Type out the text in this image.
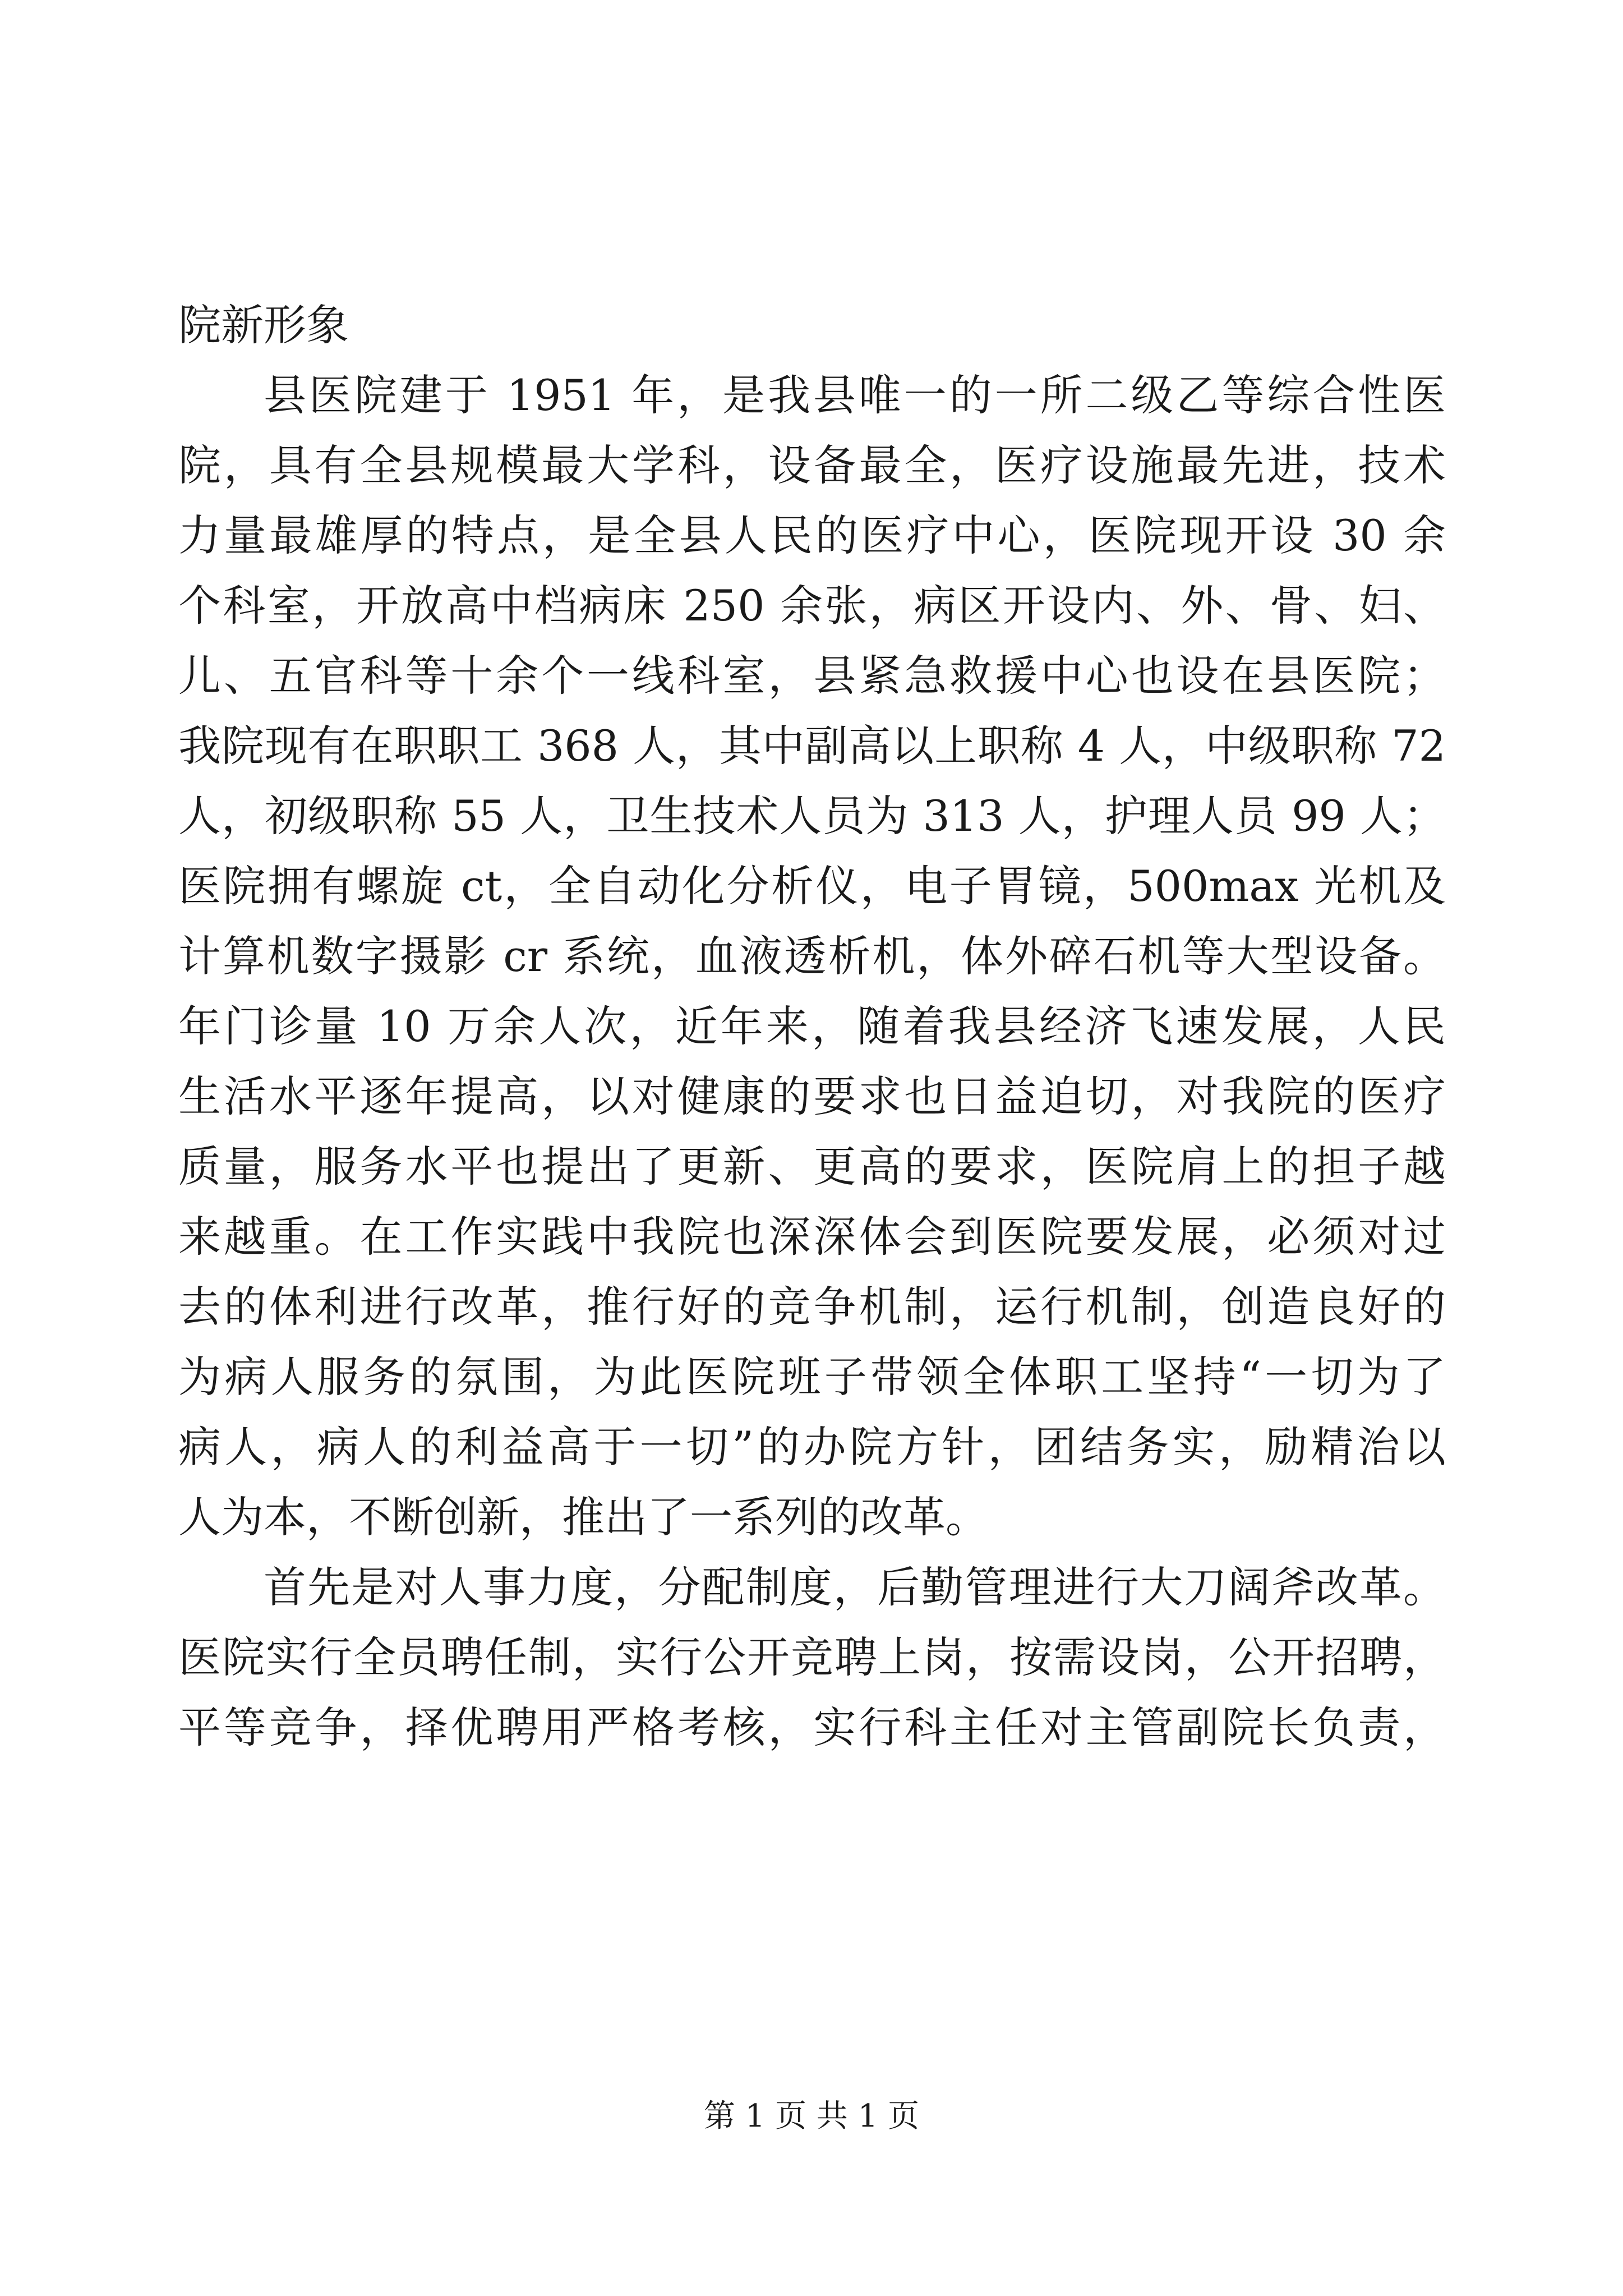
院新形象
县医院建于 1951 年，是我县唯一的一所二级乙等综合性医
院，具有全县规模最大学科，设备最全，医疗设施最先进，技术
力量最雄厚的特点，是全县人民的医疗中心，医院现开设 30 余
个科室，开放高中档病床 250 余张，病区开设内、外、骨、妇、
儿、五官科等十余个一线科室，县紧急救援中心也设在县医院；
我院现有在职职工 368 人，其中副高以上职称 4 人，中级职称 72
人，初级职称 55 人，卫生技术人员为 313 人，护理人员 99 人；
医院拥有螺旋 ct，全自动化分析仪，电子胃镜，500max 光机及
计算机数字摄影 cr 系统，血液透析机，体外碎石机等大型设备。
年门诊量 10 万余人次，近年来，随着我县经济飞速发展，人民
生活水平逐年提高，以对健康的要求也日益迫切，对我院的医疗
质量，服务水平也提出了更新、更高的要求，医院肩上的担子越
来越重。在工作实践中我院也深深体会到医院要发展，必须对过
去的体利进行改革，推行好的竞争机制，运行机制，创造良好的
为病人服务的氛围，为此医院班子带领全体职工坚持“一切为了
病人，病人的利益高于一切”的办院方针，团结务实，励精治以
人为本，不断创新，推出了一系列的改革。
首先是对人事力度，分配制度，后勤管理进行大刀阔斧改革。
医院实行全员聘任制，实行公开竞聘上岗，按需设岗，公开招聘，
平等竞争，择优聘用严格考核，实行科主任对主管副院长负责，
第 1 页 共 1 页
